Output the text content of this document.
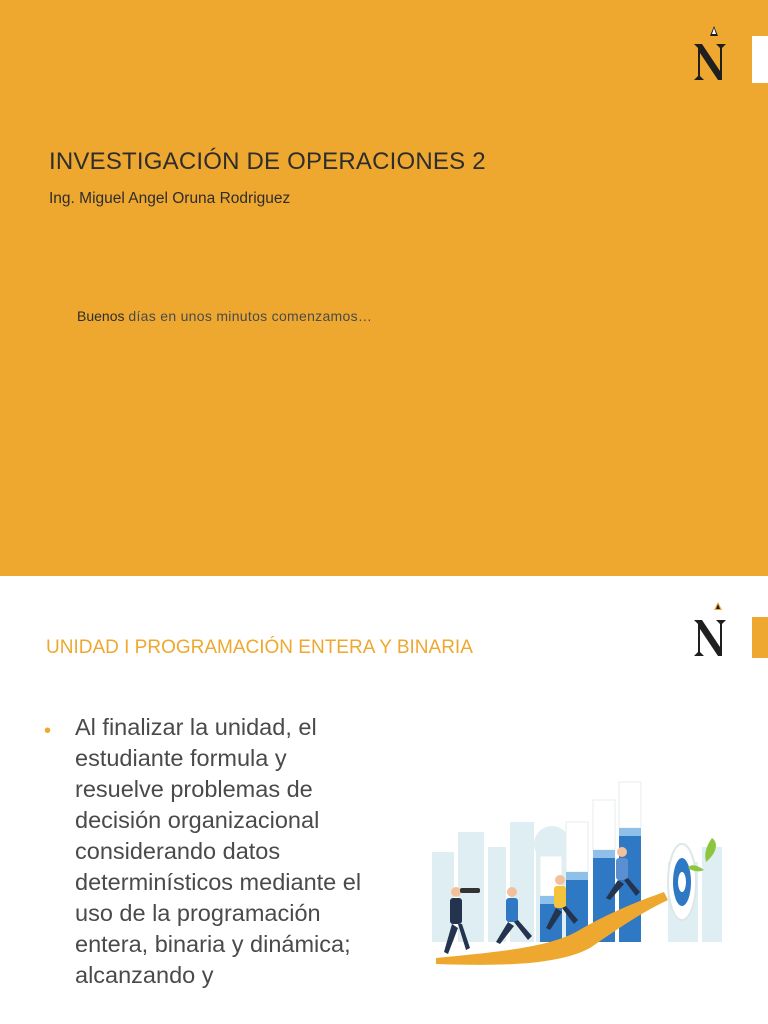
INVESTIGACIÓN DE OPERACIONES 2
Ing. Miguel Angel Oruna Rodriguez
Buenos días en unos minutos comenzamos…
UNIDAD I PROGRAMACIÓN ENTERA Y BINARIA
• Al finalizar la unidad, el estudiante formula y resuelve problemas de decisión organizacional considerando datos determinísticos mediante el uso de la programación entera, binaria y dinámica; alcanzando y
